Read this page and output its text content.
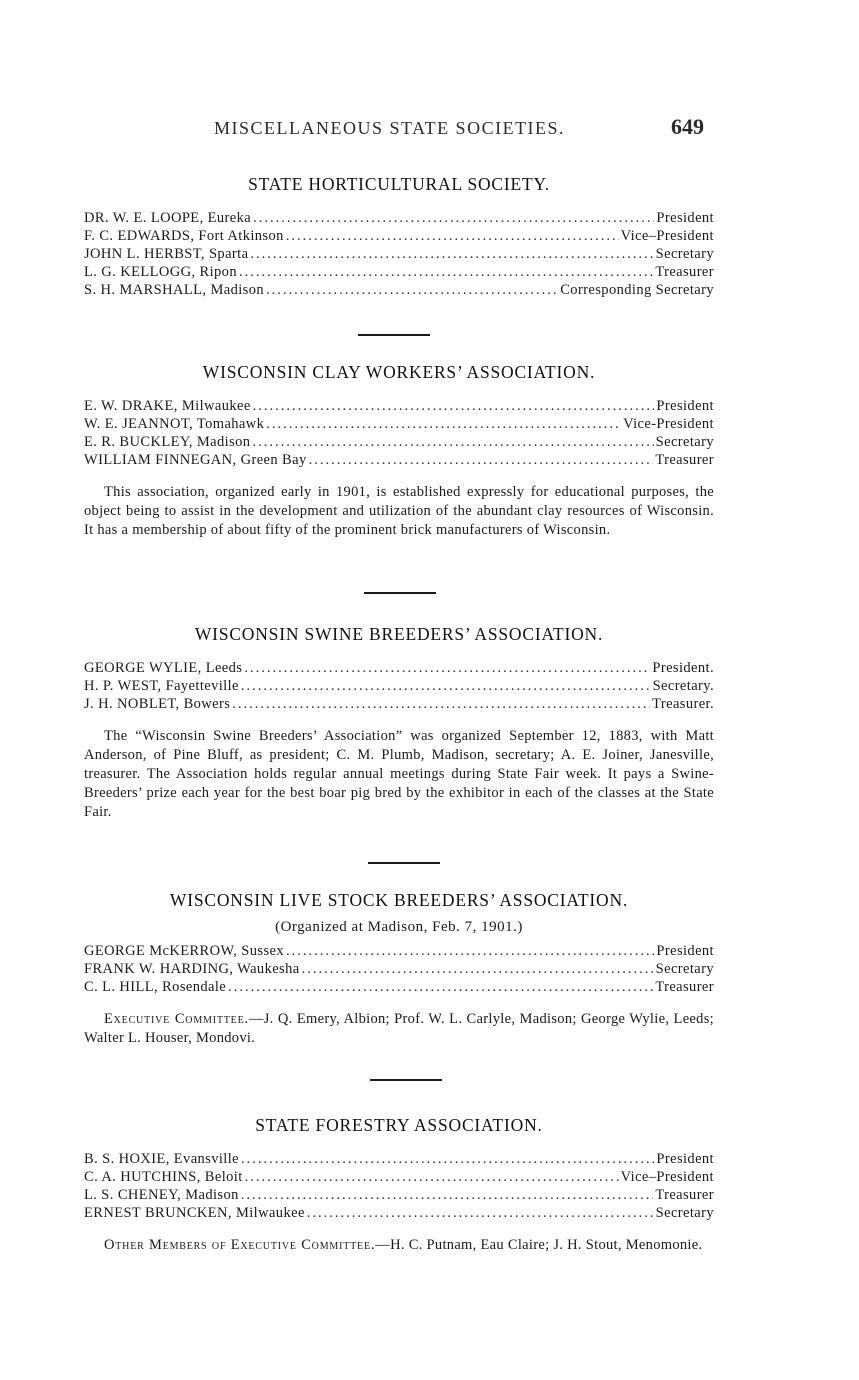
MISCELLANEOUS STATE SOCIETIES.	649
STATE HORTICULTURAL SOCIETY.
DR. W. E. LOOPE, Eureka .....	President
F. C. EDWARDS, Fort Atkinson .....	Vice–President
JOHN L. HERBST, Sparta .....	Secretary
L. G. KELLOGG, Ripon .....	Treasurer
S. H. MARSHALL, Madison .....	Corresponding Secretary
WISCONSIN CLAY WORKERS’ ASSOCIATION.
E. W. DRAKE, Milwaukee .....	President
W. E. JEANNOT, Tomahawk .....	Vice-President
E. R. BUCKLEY, Madison .....	Secretary
WILLIAM FINNEGAN, Green Bay .....	Treasurer

This association, organized early in 1901, is established expressly for educational purposes, the object being to assist in the development and utilization of the abundant clay resources of Wisconsin. It has a membership of about fifty of the prominent brick manufacturers of Wisconsin.

WISCONSIN SWINE BREEDERS’ ASSOCIATION.
GEORGE WYLIE, Leeds .....	President.
H. P. WEST, Fayetteville .....	Secretary.
J. H. NOBLET, Bowers .....	Treasurer.

The “Wisconsin Swine Breeders’ Association” was organized September 12, 1883, with Matt Anderson, of Pine Bluff, as president; C. M. Plumb, Madison, secretary; A. E. Joiner, Janesville, treasurer. The Association holds regular annual meetings during State Fair week. It pays a Swine-Breeders’ prize each year for the best boar pig bred by the exhibitor in each of the classes at the State Fair.

WISCONSIN LIVE STOCK BREEDERS’ ASSOCIATION.
(Organized at Madison, Feb. 7, 1901.)
GEORGE McKERROW, Sussex .....	President
FRANK W. HARDING, Waukesha .....	Secretary
C. L. HILL, Rosendale .....	Treasurer

Executive Committee.—J. Q. Emery, Albion; Prof. W. L. Carlyle, Madison; George Wylie, Leeds; Walter L. Houser, Mondovi.

STATE FORESTRY ASSOCIATION.
B. S. HOXIE, Evansville .....	President
C. A. HUTCHINS, Beloit .....	Vice–President
L. S. CHENEY, Madison .....	Treasurer
ERNEST BRUNCKEN, Milwaukee .....	Secretary

Other Members of Executive Committee.—H. C. Putnam, Eau Claire; J. H. Stout, Menomonie.
